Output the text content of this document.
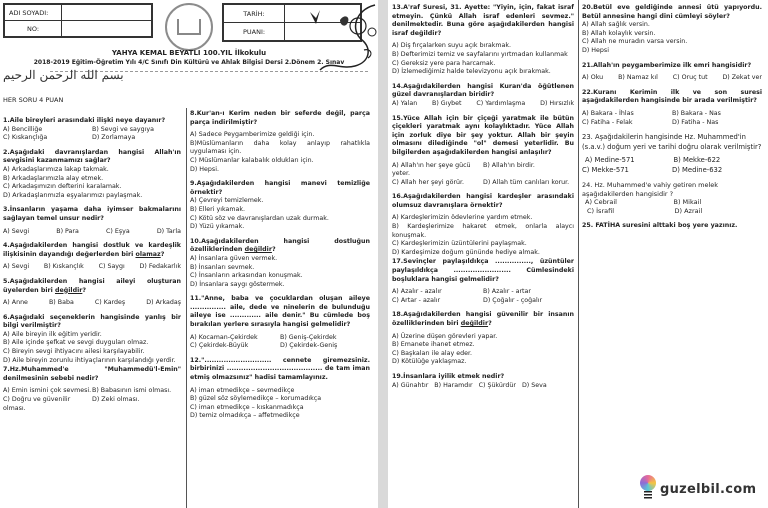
ADI SOYADI:	
NO:	
TARİH:	
PUANI:	
YAHYA KEMAL BEYATLI 100.YIL İlkokulu
2018-2019 Eğitim-Öğretim Yılı 4/C Sınıfı Din Kültürü ve Ahlak Bilgisi Dersi 2.Dönem 2. Sınav
بسم الله الرحمن الرحيم
HER SORU 4 PUAN
1.Aile bireyleri arasındaki ilişki neye dayanır?
A) Bencilliğe	B) Sevgi ve saygıya
C) Kıskançlığa	D) Zorlamaya
2.Aşağıdaki davranışlardan hangisi Allah'ın sevgisini kazanmamızı sağlar?
A) Arkadaşlarımıza lakap takmak.
B) Arkadaşlarımızla alay etmek.
C) Arkadaşımızın defterini karalamak.
D) Arkadaşlarımızla eşyalarımızı paylaşmak.
3.İnsanların yaşama daha iyimser bakmalarını sağlayan temel unsur nedir?
A) Sevgi	B) Para	C) Eşya	D) Tarla
4.Aşağıdakilerden hangisi dostluk ve kardeşlik ilişkisinin dayandığı değerlerden biri olamaz?
A) Sevgi B) Kıskançlık C) Saygı D) Fedakarlık
5.Aşağıdakilerden hangisi aileyi oluşturan üyelerden biri değildir?
A) Anne	B) Baba	C) Kardeş	D) Arkadaş
6.Aşağıdaki seçeneklerin hangisinde yanlış bir bilgi verilmiştir?
A) Aile bireyin ilk eğitim yeridir.
B) Aile içinde şefkat ve sevgi duyguları olmaz.
C) Bireyin sevgi ihtiyacını ailesi karşılayabilir.
D) Aile bireyin zorunlu ihtiyaçlarının karşılandığı yerdir.
7.Hz.Muhammed'e "Muhammedü'l-Emin" denilmesinin sebebi nedir?
A) Emin ismini çok sevmesi. B) Babasının ismi olması.
C) Doğru ve güvenilir olması.
D) Zeki olması.
8.Kur'an-ı Kerim neden bir seferde değil, parça parça indirilmiştir?
A) Sadece Peygamberimize geldiği için.
B)Müslümanların daha kolay anlayıp rahatlıkla uygulaması için.
C) Müslümanlar kalabalık oldukları için.
D) Hepsi.
9.Aşağıdakilerden hangisi manevi temizliğe örnektir?
A) Çevreyi temizlemek.
B) Elleri yıkamak.
C) Kötü söz ve davranışlardan uzak durmak.
D) Yüzü yıkamak.
10.Aşağıdakilerden hangisi dostluğun özelliklerinden değildir?
A) İnsanlara güven vermek.
B) İnsanları sevmek.
C) İnsanların arkasından konuşmak.
D) İnsanlara saygı göstermek.
11."Anne, baba ve çocuklardan oluşan aileye ............... aile, dede ve ninelerin de bulunduğu aileye ise ............. aile denir." Bu cümlede boş bırakılan yerlere sırasıyla hangisi gelmelidir?
A) Kocaman-Çekirdek	B) Geniş-Çekirdek
C) Çekirdek-Büyük	D) Çekirdek-Geniş
12."............................ cennete giremezsiniz. birbirinizi ........................................ de tam iman etmiş olmazsınız" hadisi tamamlayınız.
A) iman etmedikçe – sevmedikçe
B) güzel söz söylemedikçe – korumadıkça
C) iman etmedikçe – kıskanmadıkça
D) temiz olmadıkça – affetmedikçe
13.A'raf Suresi, 31. Ayette: "Yiyin, için, fakat israf etmeyin. Çünkü Allah israf edenleri sevmez." denilmektedir. Buna göre aşağıdakilerden hangisi israf değildir?
A) Diş fırçalarken suyu açık bırakmak.
B) Defterimizi temiz ve sayfalarını yırtmadan kullanmak
C) Gereksiz yere para harcamak.
D) İzlemediğimiz halde televizyonu açık bırakmak.
14.Aşağıdakilerden hangisi Kuran'da öğütlenen güzel davranışlardan biridir?
A) Yalan B) Gıybet C) Yardımlaşma D) Hırsızlık
15.Yüce Allah için bir çiçeği yaratmak ile bütün çiçekleri yaratmak aynı kolaylıktadır. Yüce Allah için zorluk diye bir şey yoktur. Allah bir şeyin olmasını dilediğinde "ol" demesi yeterlidir. Bu bilgilerden aşağıdakilerden hangisi anlaşılır?
A) Allah'ın her şeye gücü yeter.
B) Allah'ın birdir.
C) Allah her şeyi görür.	D) Allah tüm canlıları korur.
16.Aşağıdakilerden hangisi kardeşler arasındaki olumsuz davranışlara örnektir?
A) Kardeşlerimizin ödevlerine yardım etmek.
B) Kardeşlerimize hakaret etmek, onlarla alaycı konuşmak.
C) Kardeşlerimizin üzüntülerini paylaşmak.
D) Kardeşimize doğum gününde hediye almak.
17.Sevinçler paylaşıldıkça ..............., üzüntüler paylaşıldıkça ........................ Cümlesindeki boşluklara hangisi gelmelidir?
A) Azalır - azalır	B) Azalır - artar
C) Artar - azalır	D) Çoğalır - çoğalır
18.Aşağıdakilerden hangisi güvenilir bir insanın özelliklerinden biri değildir?
A) Üzerine düşen görevleri yapar.
B) Emanete ihanet etmez.
C) Başkaları ile alay eder.
D) Kötülüğe yaklaşmaz.
19.İnsanlara iyilik etmek nedir?
A) Günahtır B) Haramdır C) Şükürdür D) Seva
20.Betül eve geldiğinde annesi ütü yapıyordu. Betül annesine hangi dini cümleyi söyler?
A) Allah sağlık versin.
B) Allah kolaylık versin.
C) Allah ne muradın varsa versin.
D) Hepsi
21.Allah'ın peygamberimize ilk emri hangisidir?
A) Oku B) Namaz kıl C) Oruç tut D) Zekat ver
22.Kuranı Kerimin ilk ve son suresi aşağıdakilerden hangisinde bir arada verilmiştir?
A) Bakara - İhlas	B) Bakara - Nas
C) Fatiha - Felak	D) Fatiha - Nas
23. Aşağıdakilerin hangisinde Hz. Muhammed'in (s.a.v.) doğum yeri ve tarihi doğru olarak verilmiştir?
A) Medine-571	B) Mekke-622
C) Mekke-571	D) Medine-632
24. Hz. Muhammed'e vahiy getiren melek aşağıdakilerden hangisidir ?
A) Cebrail	B) Mikail
C) İsrafil	D) Azrail
25. FATİHA suresini alttaki boş yere yazınız.
guzelbil.com
